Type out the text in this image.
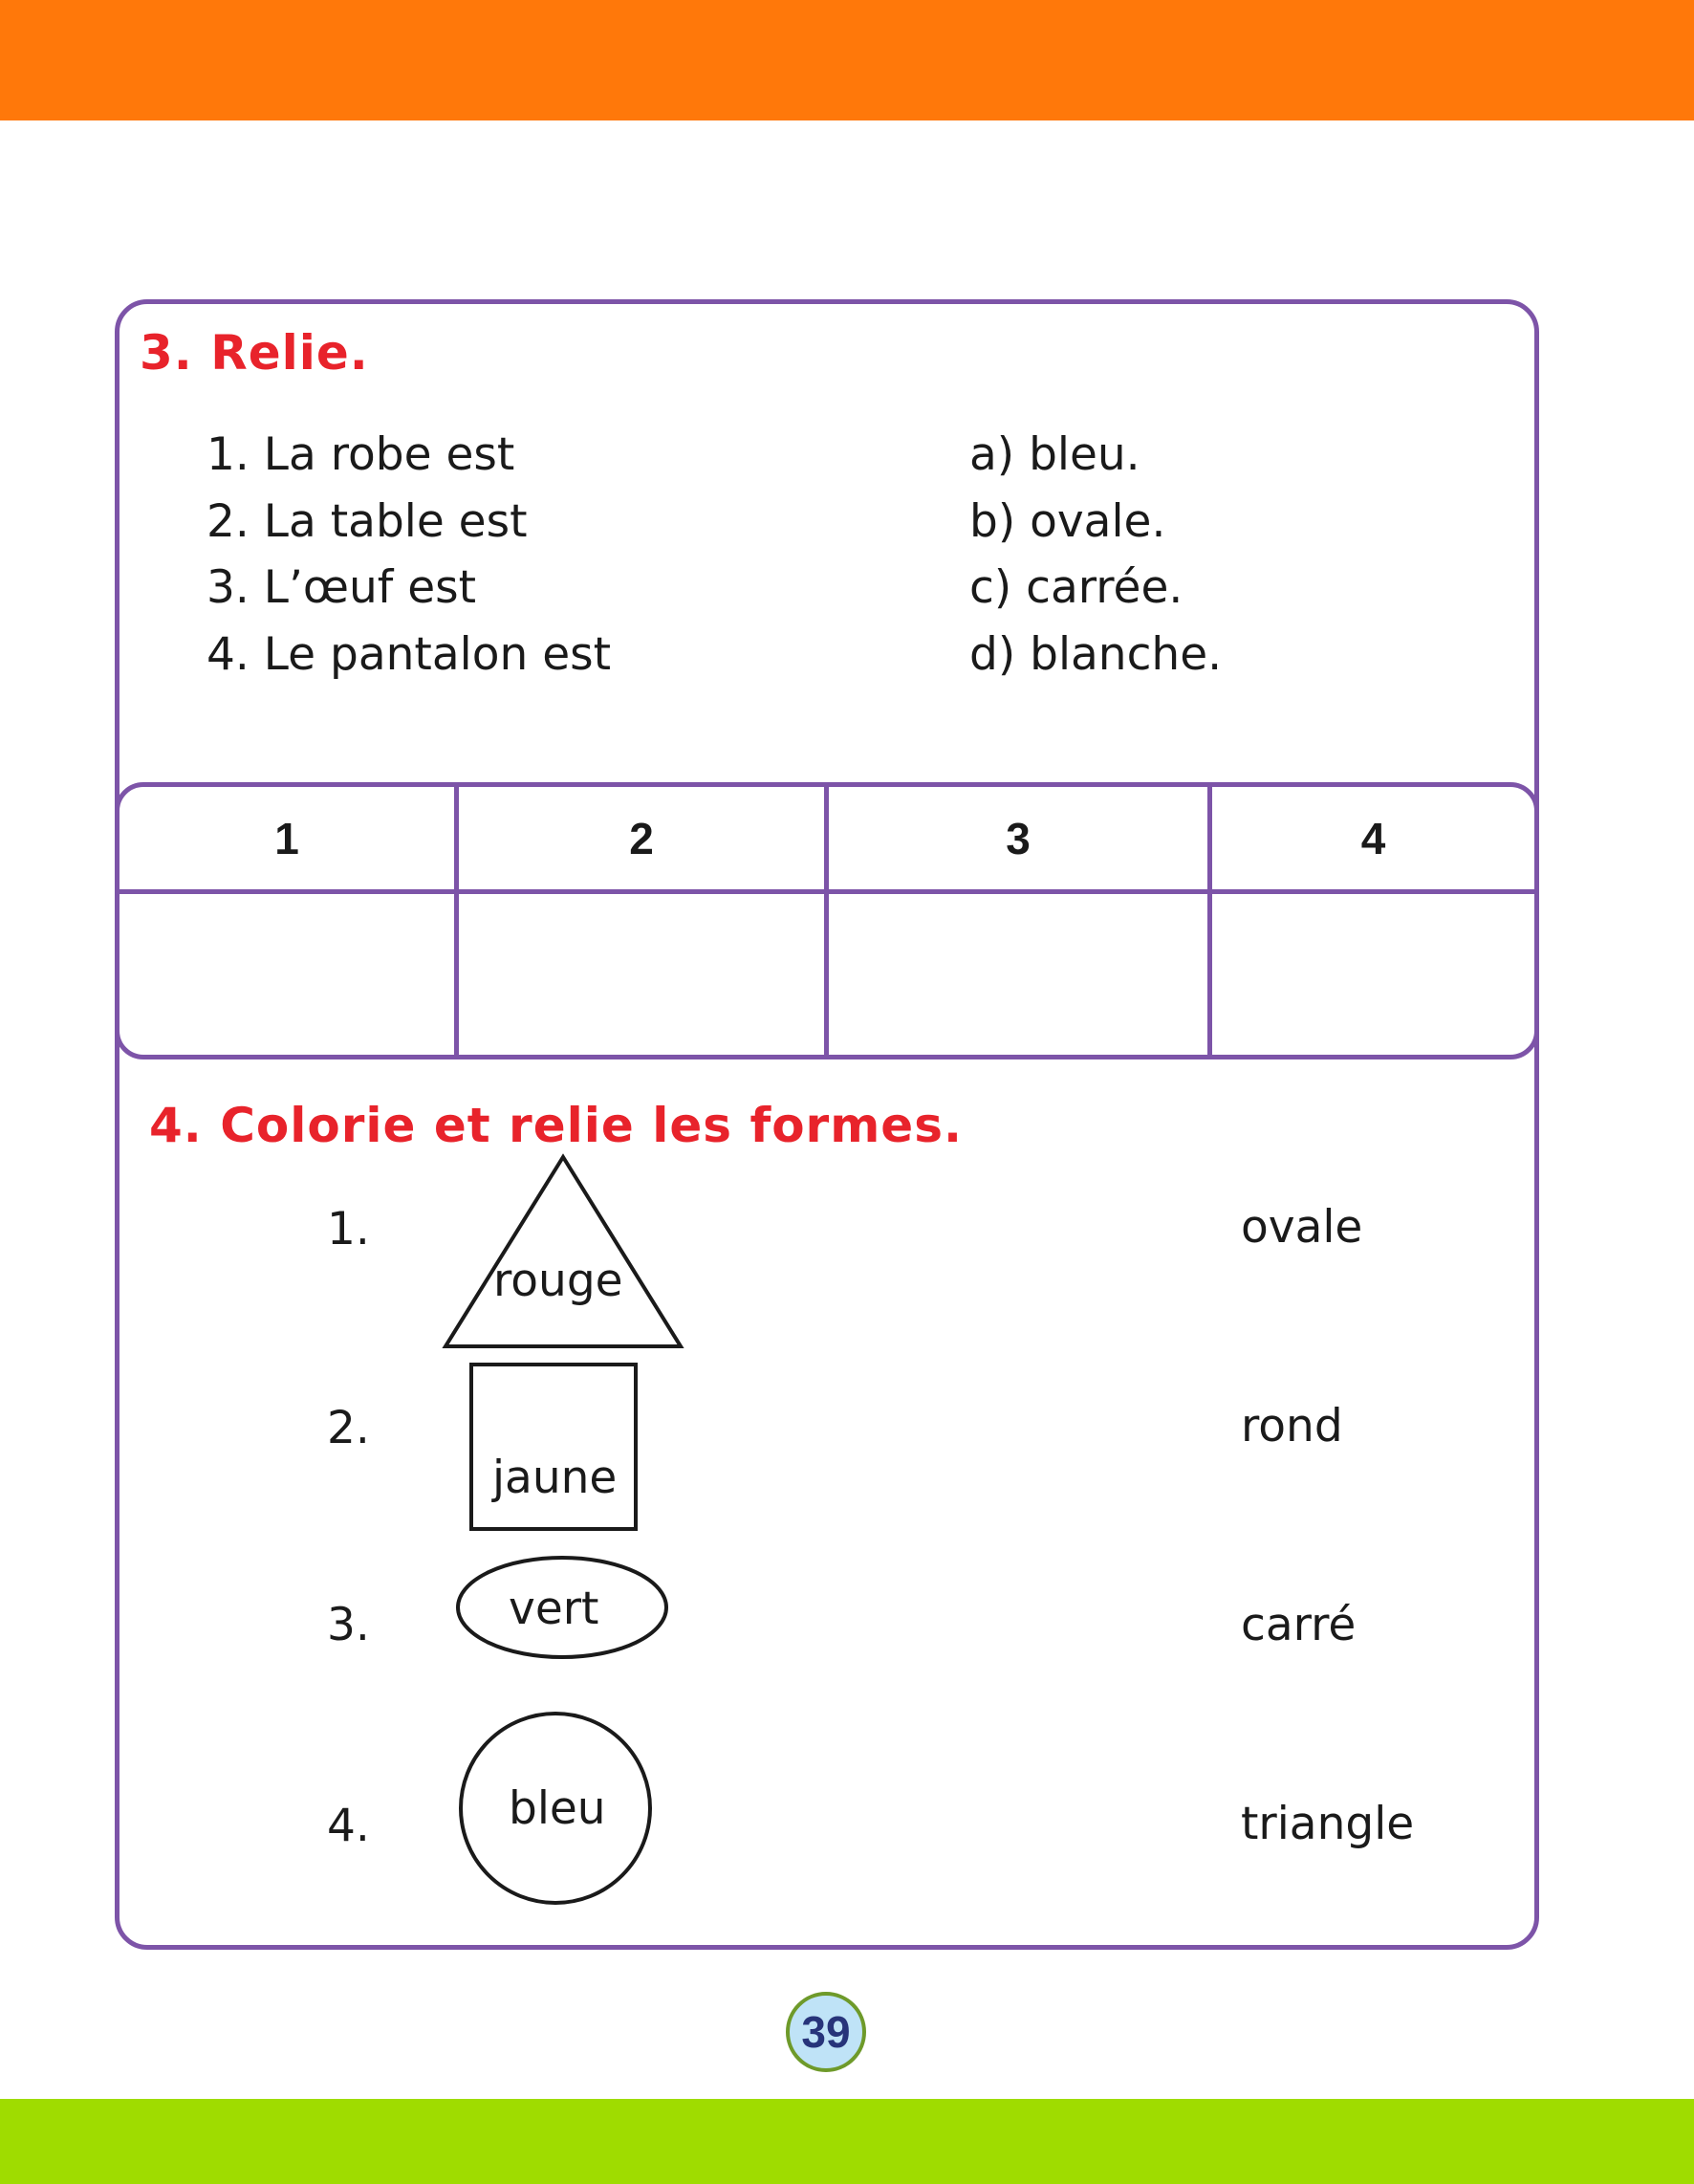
3. Relie.
1. La robe est
2. La table est
3. L’œuf est
4. Le pantalon est
a) bleu.
b) ovale.
c) carrée.
d) blanche.
1	2	3	4
4. Colorie et relie les formes.
1.
2.
3.
4.
rouge
jaune
vert
bleu
ovale
rond
carré
triangle
39
